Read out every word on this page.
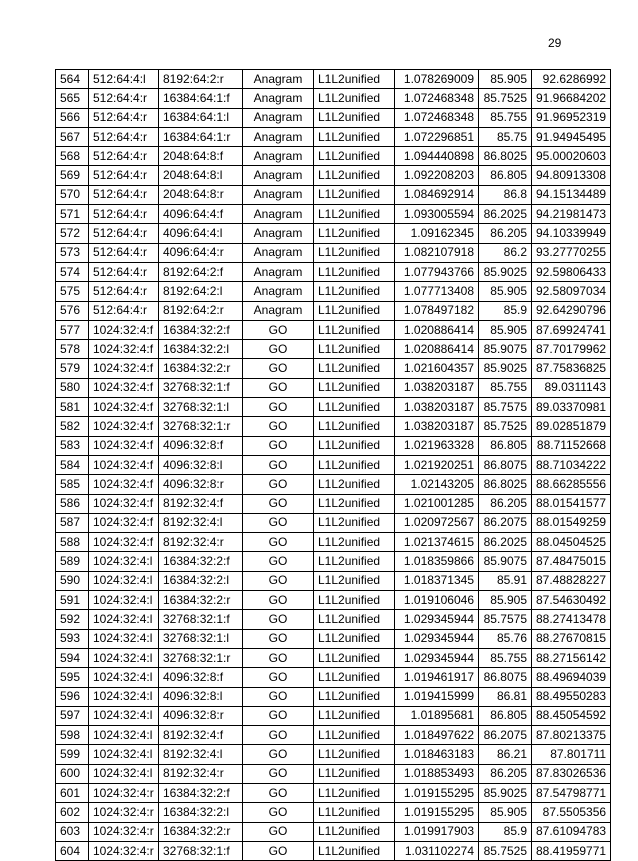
29
564	512:64:4:l	8192:64:2:r	Anagram	L1L2unified	1.078269009	85.905	92.6286992
565	512:64:4:r	16384:64:1:f	Anagram	L1L2unified	1.072468348	85.7525	91.96684202
566	512:64:4:r	16384:64:1:l	Anagram	L1L2unified	1.072468348	85.755	91.96952319
567	512:64:4:r	16384:64:1:r	Anagram	L1L2unified	1.072296851	85.75	91.94945495
568	512:64:4:r	2048:64:8:f	Anagram	L1L2unified	1.094440898	86.8025	95.00020603
569	512:64:4:r	2048:64:8:l	Anagram	L1L2unified	1.092208203	86.805	94.80913308
570	512:64:4:r	2048:64:8:r	Anagram	L1L2unified	1.084692914	86.8	94.15134489
571	512:64:4:r	4096:64:4:f	Anagram	L1L2unified	1.093005594	86.2025	94.21981473
572	512:64:4:r	4096:64:4:l	Anagram	L1L2unified	1.09162345	86.205	94.10339949
573	512:64:4:r	4096:64:4:r	Anagram	L1L2unified	1.082107918	86.2	93.27770255
574	512:64:4:r	8192:64:2:f	Anagram	L1L2unified	1.077943766	85.9025	92.59806433
575	512:64:4:r	8192:64:2:l	Anagram	L1L2unified	1.077713408	85.905	92.58097034
576	512:64:4:r	8192:64:2:r	Anagram	L1L2unified	1.078497182	85.9	92.64290796
577	1024:32:4:f	16384:32:2:f	GO	L1L2unified	1.020886414	85.905	87.69924741
578	1024:32:4:f	16384:32:2:l	GO	L1L2unified	1.020886414	85.9075	87.70179962
579	1024:32:4:f	16384:32:2:r	GO	L1L2unified	1.021604357	85.9025	87.75836825
580	1024:32:4:f	32768:32:1:f	GO	L1L2unified	1.038203187	85.755	89.0311143
581	1024:32:4:f	32768:32:1:l	GO	L1L2unified	1.038203187	85.7575	89.03370981
582	1024:32:4:f	32768:32:1:r	GO	L1L2unified	1.038203187	85.7525	89.02851879
583	1024:32:4:f	4096:32:8:f	GO	L1L2unified	1.021963328	86.805	88.71152668
584	1024:32:4:f	4096:32:8:l	GO	L1L2unified	1.021920251	86.8075	88.71034222
585	1024:32:4:f	4096:32:8:r	GO	L1L2unified	1.02143205	86.8025	88.66285556
586	1024:32:4:f	8192:32:4:f	GO	L1L2unified	1.021001285	86.205	88.01541577
587	1024:32:4:f	8192:32:4:l	GO	L1L2unified	1.020972567	86.2075	88.01549259
588	1024:32:4:f	8192:32:4:r	GO	L1L2unified	1.021374615	86.2025	88.04504525
589	1024:32:4:l	16384:32:2:f	GO	L1L2unified	1.018359866	85.9075	87.48475015
590	1024:32:4:l	16384:32:2:l	GO	L1L2unified	1.018371345	85.91	87.48828227
591	1024:32:4:l	16384:32:2:r	GO	L1L2unified	1.019106046	85.905	87.54630492
592	1024:32:4:l	32768:32:1:f	GO	L1L2unified	1.029345944	85.7575	88.27413478
593	1024:32:4:l	32768:32:1:l	GO	L1L2unified	1.029345944	85.76	88.27670815
594	1024:32:4:l	32768:32:1:r	GO	L1L2unified	1.029345944	85.755	88.27156142
595	1024:32:4:l	4096:32:8:f	GO	L1L2unified	1.019461917	86.8075	88.49694039
596	1024:32:4:l	4096:32:8:l	GO	L1L2unified	1.019415999	86.81	88.49550283
597	1024:32:4:l	4096:32:8:r	GO	L1L2unified	1.01895681	86.805	88.45054592
598	1024:32:4:l	8192:32:4:f	GO	L1L2unified	1.018497622	86.2075	87.80213375
599	1024:32:4:l	8192:32:4:l	GO	L1L2unified	1.018463183	86.21	87.801711
600	1024:32:4:l	8192:32:4:r	GO	L1L2unified	1.018853493	86.205	87.83026536
601	1024:32:4:r	16384:32:2:f	GO	L1L2unified	1.019155295	85.9025	87.54798771
602	1024:32:4:r	16384:32:2:l	GO	L1L2unified	1.019155295	85.905	87.5505356
603	1024:32:4:r	16384:32:2:r	GO	L1L2unified	1.019917903	85.9	87.61094783
604	1024:32:4:r	32768:32:1:f	GO	L1L2unified	1.031102274	85.7525	88.41959771
